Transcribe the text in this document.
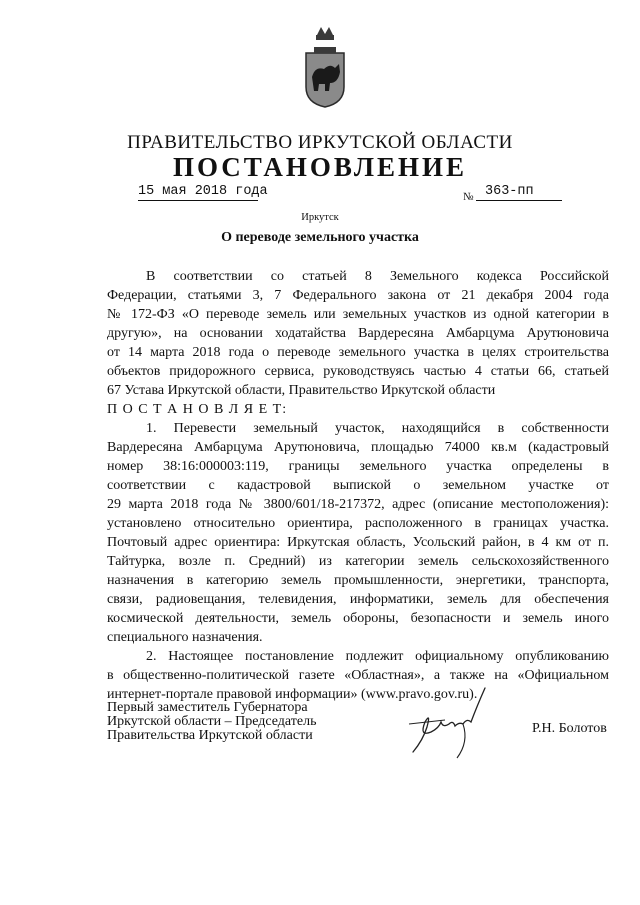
ПРАВИТЕЛЬСТВО ИРКУТСКОЙ ОБЛАСТИ
ПОСТАНОВЛЕНИЕ
15 мая 2018 года	№ 363-пп
Иркутск
О переводе земельного участка
В соответствии со статьей 8 Земельного кодекса Российской
Федерации, статьями 3, 7 Федерального закона от 21 декабря 2004 года
№ 172-ФЗ «О переводе земель или земельных участков из одной категории в
другую», на основании ходатайства Вардересяна Амбарцума Арутюновича
от 14 марта 2018 года о переводе земельного участка в целях строительства
объектов придорожного сервиса, руководствуясь частью 4 статьи 66, статьей
67 Устава Иркутской области, Правительство Иркутской области
П О С Т А Н О В Л Я Е Т:
1. Перевести земельный участок, находящийся в собственности
Вардересяна Амбарцума Арутюновича, площадью 74000 кв.м (кадастровый
номер 38:16:000003:119, границы земельного участка определены в
соответствии с кадастровой выпиской о земельном участке от
29 марта 2018 года № 3800/601/18-217372, адрес (описание местоположения):
установлено относительно ориентира, расположенного в границах участка.
Почтовый адрес ориентира: Иркутская область, Усольский район, в 4 км от п.
Тайтурка, возле п. Средний) из категории земель сельскохозяйственного
назначения в категорию земель промышленности, энергетики, транспорта,
связи, радиовещания, телевидения, информатики, земель для обеспечения
космической деятельности, земель обороны, безопасности и земель иного
специального назначения.
2. Настоящее постановление подлежит официальному опубликованию
в общественно-политической газете «Областная», а также на «Официальном
интернет-портале правовой информации» (www.pravo.gov.ru).
Первый заместитель Губернатора
Иркутской области – Председатель
Правительства Иркутской области	Р.Н. Болотов
